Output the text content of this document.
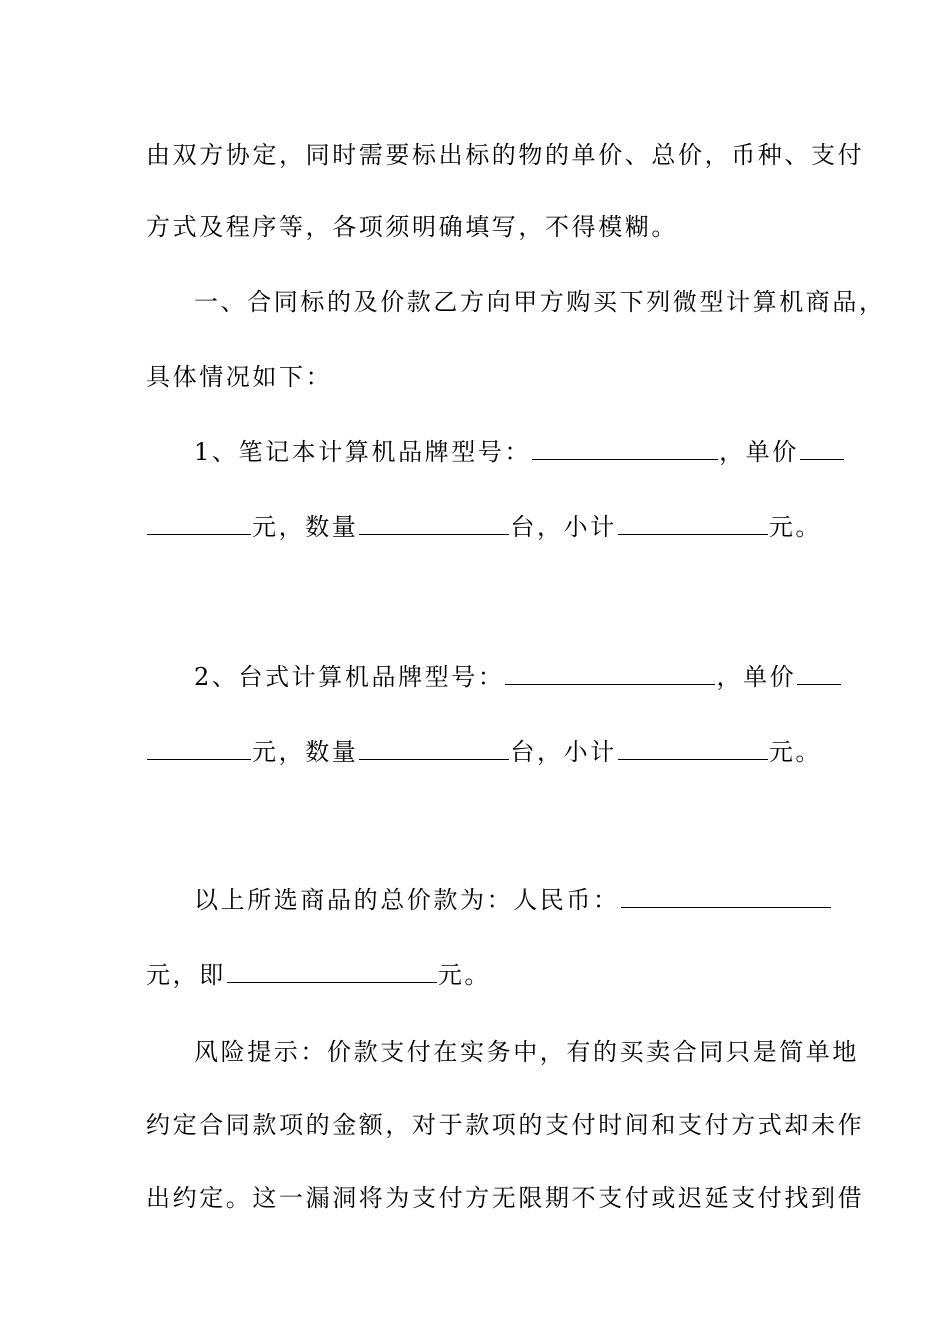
由双方协定，同时需要标出标的物的单价、总价，币种、支付
方式及程序等，各项须明确填写，不得模糊。
一、合同标的及价款乙方向甲方购买下列微型计算机商品，
具体情况如下：
1、笔记本计算机品牌型号：	，单价
元，数量	台，小计	元。
2、台式计算机品牌型号：	，单价
元，数量	台，小计	元。
以上所选商品的总价款为：人民币：
元，即	元。
风险提示：价款支付在实务中，有的买卖合同只是简单地
约定合同款项的金额，对于款项的支付时间和支付方式却未作
出约定。这一漏洞将为支付方无限期不支付或迟延支付找到借
